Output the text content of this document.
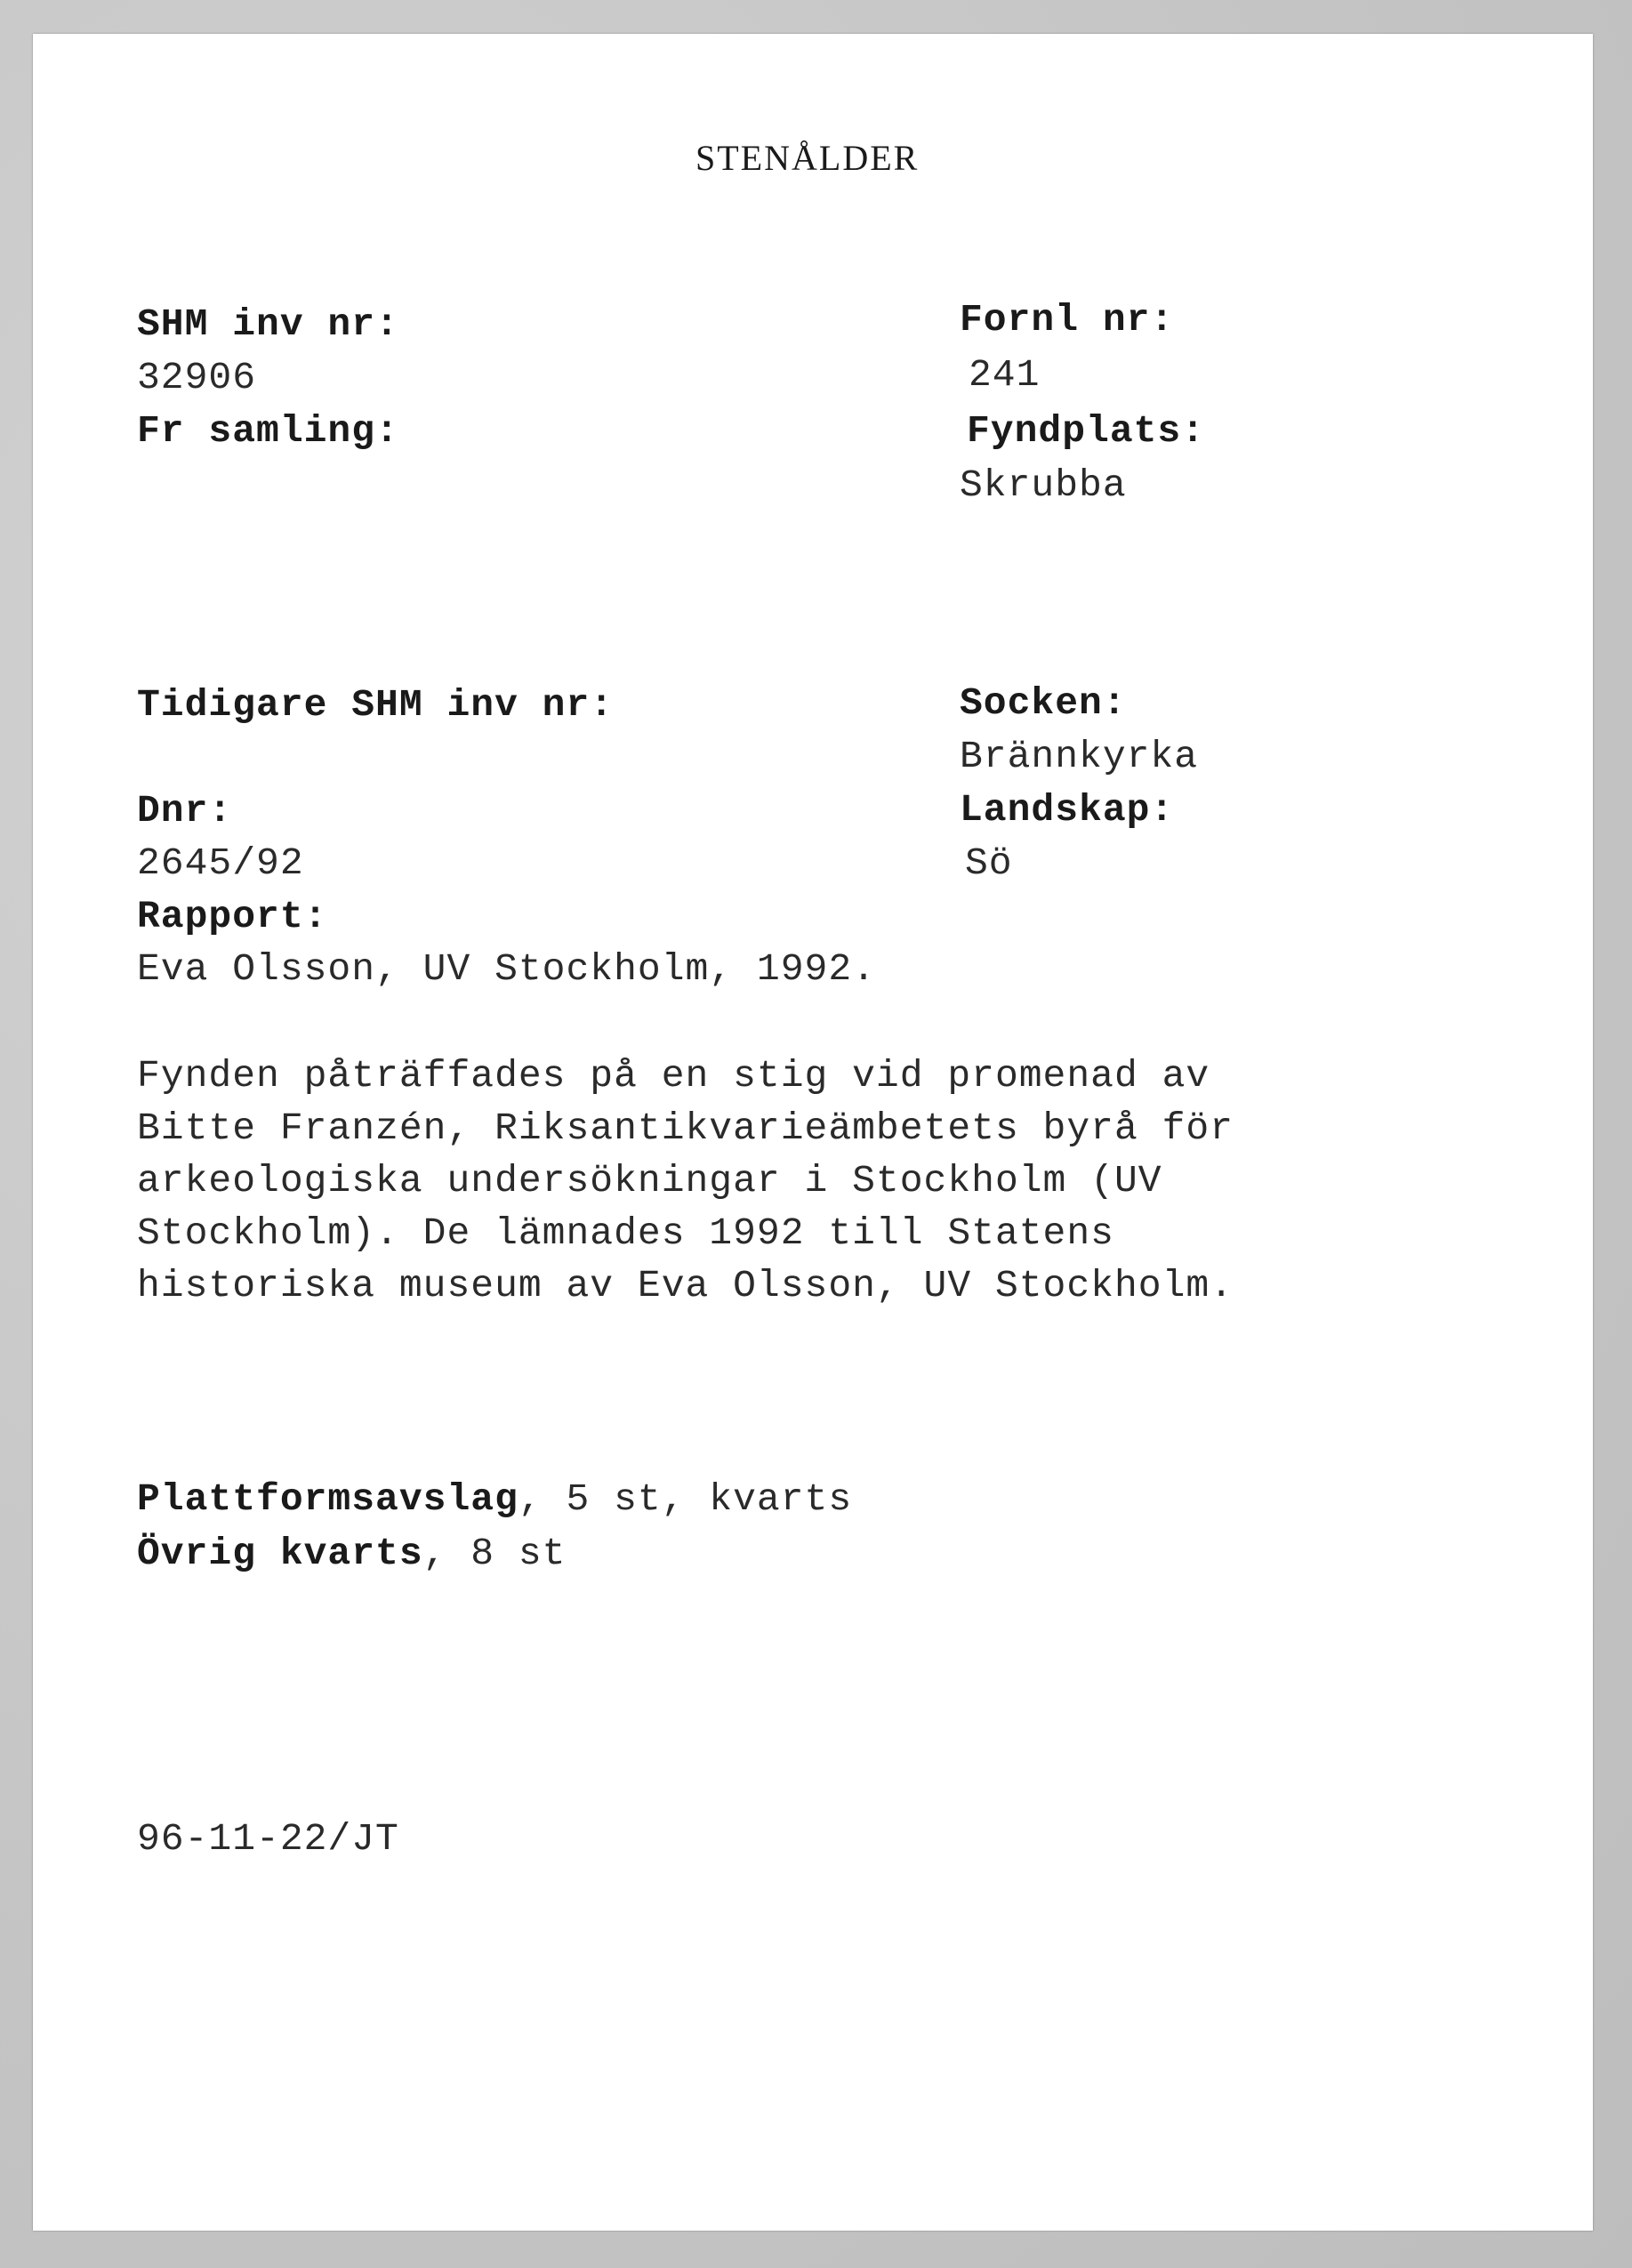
STENÅLDER
SHM inv nr:
32906
Fr samling:
Fornl nr:
241
Fyndplats:
Skrubba
Tidigare SHM inv nr:	Socken:
Brännkyrka
Dnr:	Landskap:
2645/92	Sö
Rapport:
Eva Olsson, UV Stockholm, 1992.
Fynden påträffades på en stig vid promenad av
Bitte Franzén, Riksantikvarieämbetets byrå för
arkeologiska undersökningar i Stockholm (UV
Stockholm). De lämnades 1992 till Statens
historiska museum av Eva Olsson, UV Stockholm.
Plattformsavslag, 5 st, kvarts
Övrig kvarts, 8 st
96-11-22/JT
